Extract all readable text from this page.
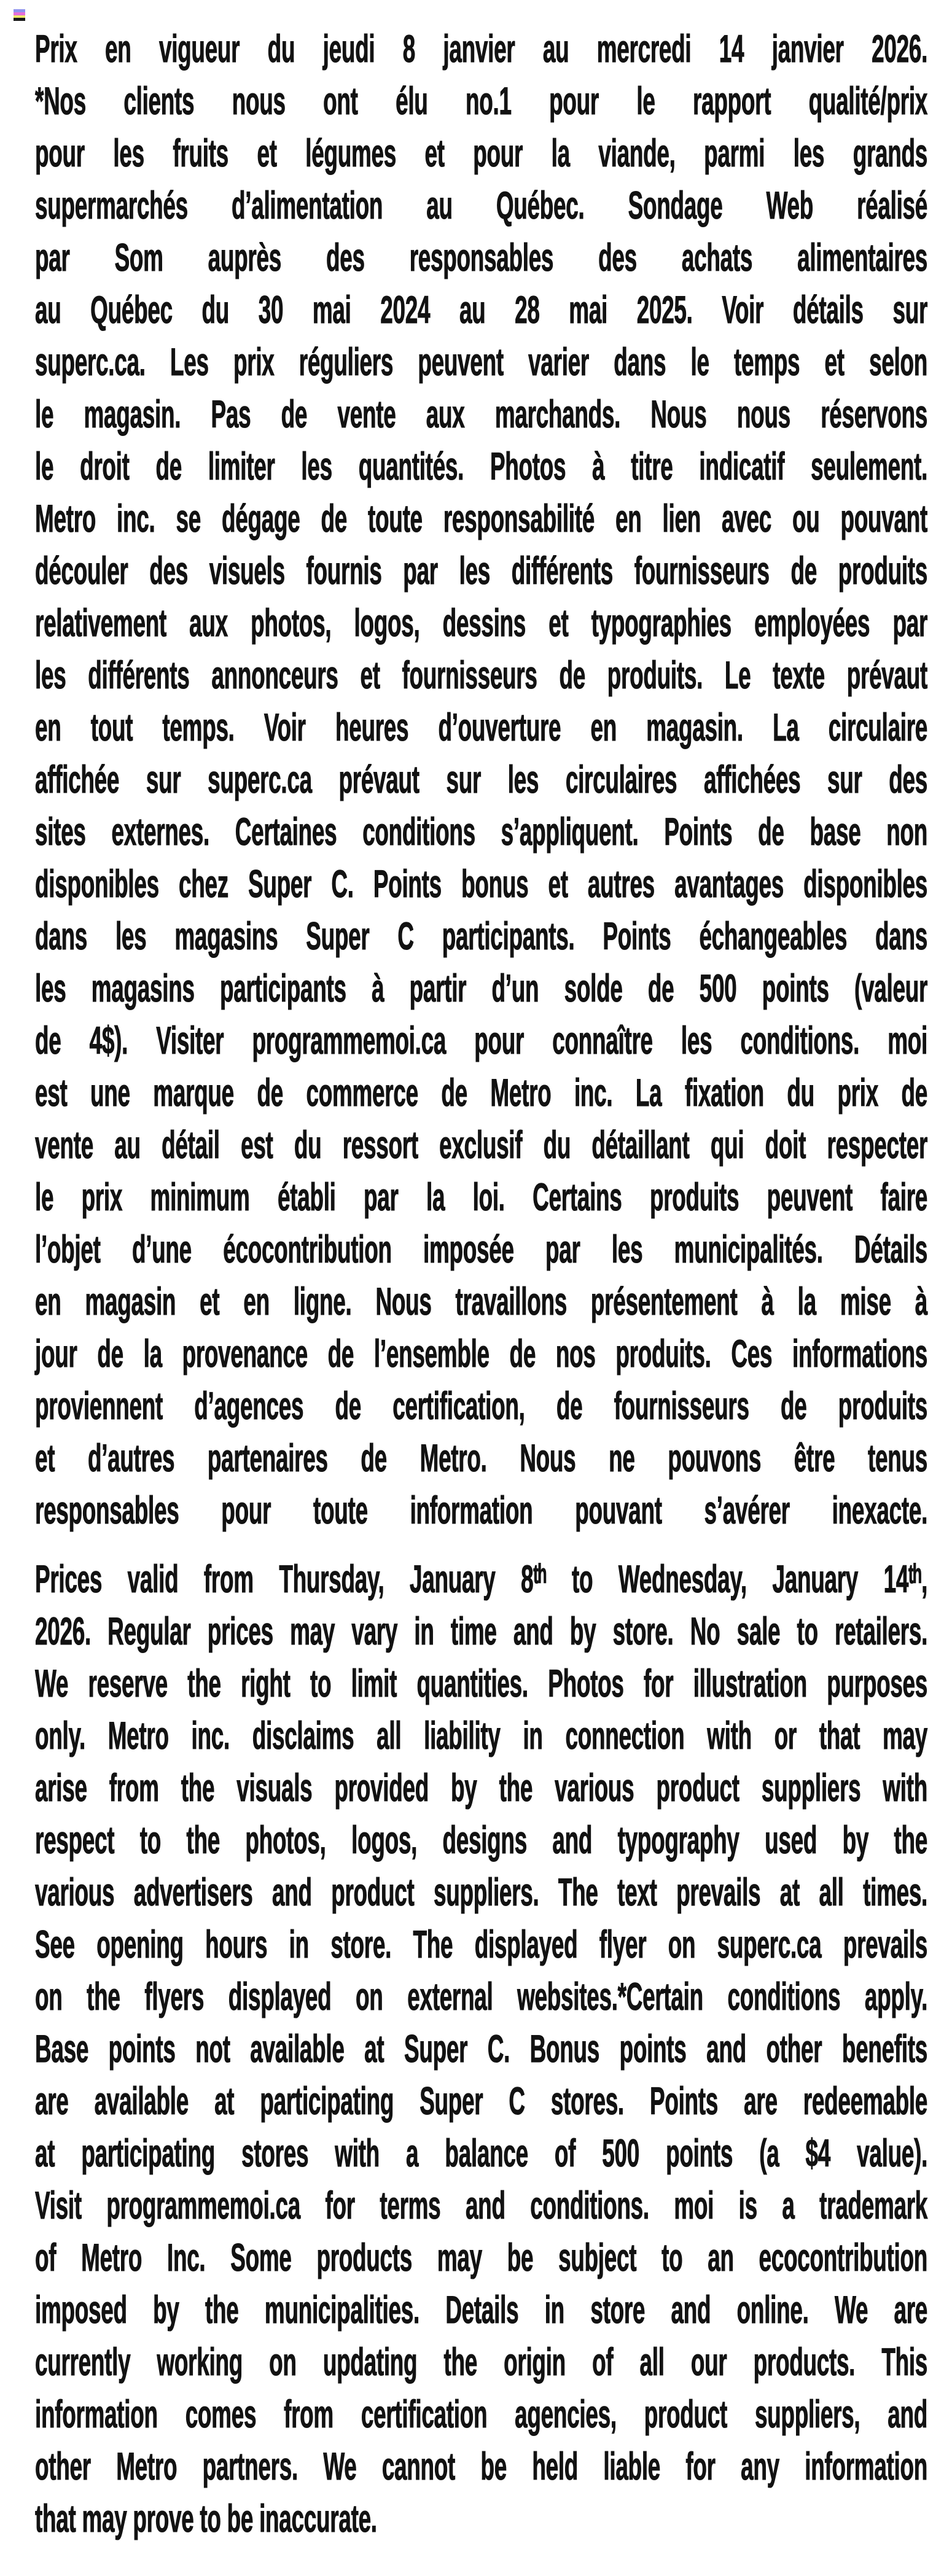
Prix en vigueur du jeudi 8 janvier au mercredi 14 janvier 2026.
*Nos clients nous ont élu no.1 pour le rapport qualité/prix
pour les fruits et légumes et pour la viande, parmi les grands
supermarchés d’alimentation au Québec. Sondage Web réalisé
par Som auprès des responsables des achats alimentaires
au Québec du 30 mai 2024 au 28 mai 2025. Voir détails sur
superc.ca. Les prix réguliers peuvent varier dans le temps et selon
le magasin. Pas de vente aux marchands. Nous nous réservons
le droit de limiter les quantités. Photos à titre indicatif seulement.
Metro inc. se dégage de toute responsabilité en lien avec ou pouvant
découler des visuels fournis par les différents fournisseurs de produits
relativement aux photos, logos, dessins et typographies employées par
les différents annonceurs et fournisseurs de produits. Le texte prévaut
en tout temps. Voir heures d’ouverture en magasin. La circulaire
affichée sur superc.ca prévaut sur les circulaires affichées sur des
sites externes. Certaines conditions s’appliquent. Points de base non
disponibles chez Super C. Points bonus et autres avantages disponibles
dans les magasins Super C participants. Points échangeables dans
les magasins participants à partir d’un solde de 500 points (valeur
de 4$). Visiter programmemoi.ca pour connaître les conditions. moi
est une marque de commerce de Metro inc. La fixation du prix de
vente au détail est du ressort exclusif du détaillant qui doit respecter
le prix minimum établi par la loi. Certains produits peuvent faire
l’objet d’une écocontribution imposée par les municipalités. Détails
en magasin et en ligne. Nous travaillons présentement à la mise à
jour de la provenance de l’ensemble de nos produits. Ces informations
proviennent d’agences de certification, de fournisseurs de produits
et d’autres partenaires de Metro. Nous ne pouvons être tenus
responsables pour toute information pouvant s’avérer inexacte.
Prices valid from Thursday, January 8ᵗʰ to Wednesday, January 14ᵗʰ,
2026. Regular prices may vary in time and by store. No sale to retailers.
We reserve the right to limit quantities. Photos for illustration purposes
only. Metro inc. disclaims all liability in connection with or that may
arise from the visuals provided by the various product suppliers with
respect to the photos, logos, designs and typography used by the
various advertisers and product suppliers. The text prevails at all times.
See opening hours in store. The displayed flyer on superc.ca prevails
on the flyers displayed on external websites.*Certain conditions apply.
Base points not available at Super C. Bonus points and other benefits
are available at participating Super C stores. Points are redeemable
at participating stores with a balance of 500 points (a $4 value).
Visit programmemoi.ca for terms and conditions. moi is a trademark
of Metro Inc. Some products may be subject to an ecocontribution
imposed by the municipalities. Details in store and online. We are
currently working on updating the origin of all our products. This
information comes from certification agencies, product suppliers, and
other Metro partners. We cannot be held liable for any information
that may prove to be inaccurate.
